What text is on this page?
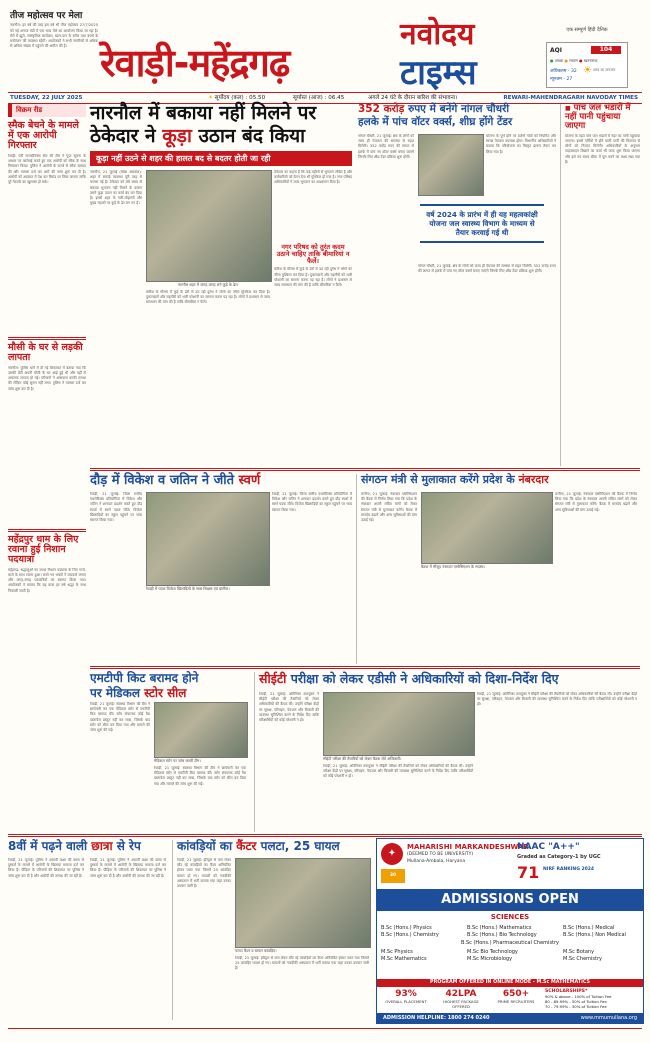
तीज महोत्सव पर मेला
नारनौल: हर वर्ष की तरह इस वर्ष भी तीज महोत्सव 27/7/2025 को नई अनाज मंडी में एक भव्य मेले का आयोजन किया जा रहा है। मेले में झूले, सांस्कृतिक कार्यक्रम, खान-पान के स्टॉल तथा बच्चों के मनोरंजन की व्यवस्था रहेगी। आयोजकों ने सभी नागरिकों से अधिक से अधिक संख्या में पहुंचने की अपील की है। रेवाड़ी-महेंद्रगढ़
नवोदय
टाइम्स
एक सम्पूर्ण हिंदी दैनिक
AQI	104
● अच्छा ● मध्यम ● खतरनाक
अधिकतम - 32
न्यूनतम - 27
आज का तापमान
☀
TUESDAY, 22 JULY 2025	☀ सूर्योदय (कल) : 05.50	सूर्यास्त (आज) : 06.45	अगले 24 घंटे के दौरान बारिश की संभावना।	REWARI-MAHENDRAGARH NAVODAY TIMES
विक्रम रीड
स्मैक बेचने के मामले में एक आरोपी गिरफ्तार
रेवाड़ी: एंटी नारकोटिक्स सेल की टीम ने गुप्त सूचना के आधार पर कार्रवाई करते हुए एक आरोपी को स्मैक के साथ गिरफ्तार किया। पुलिस ने आरोपी के कब्जे से स्मैक बरामद की और मामला दर्ज कर आगे की जांच शुरू कर दी है। आरोपी को अदालत में पेश कर रिमांड पर लिया जाएगा ताकि पूरे नेटवर्क का खुलासा हो सके।
मौसी के घर से लड़की लापता
नारनौल: पुलिस थाने में दी गई शिकायत में बताया गया कि उसकी बेटी अपनी मौसी के घर आई हुई थी और वहीं से अचानक लापता हो गई। परिजनों ने आसपास काफी तलाश की लेकिन कोई सुराग नहीं लगा। पुलिस ने मामला दर्ज कर जांच शुरू कर दी है।
महेंद्रपुर धाम के लिए रवाना हुई निशान पदयात्रा
महेंद्रगढ़: श्रद्धालुओं का जत्था निशान पदयात्रा के लिए गाजे-बाजे के साथ रवाना हुआ। रास्ते भर भक्तों ने जयकारे लगाए और जगह-जगह पदयात्रियों का स्वागत किया गया। आयोजकों ने बताया कि यह यात्रा हर वर्ष श्रद्धा के साथ निकाली जाती है।
नारनौल में बकाया नहीं मिलने पर
ठेकेदार ने कूड़ा उठान बंद किया
कूड़ा नहीं उठने से शहर की हालत बद से बदतर होती जा रही
नारनौल, 21 जुलाई (वेबेश अग्रवाल): शहर में सफाई व्यवस्था पूरी तरह से चरमरा गई है। ठेकेदार को लंबे समय से बकाया भुगतान नहीं मिलने के कारण उसने कूड़ा उठान का कार्य बंद कर दिया है। इससे शहर के गली-मोहल्लों और मुख्य सड़कों पर कूड़े के ढेर लग गए हैं।
नारनौल शहर में जगह-जगह लगे कूड़े के ढेर।
ठेकेदार का कहना है कि कई महीनों से भुगतान लंबित है और कर्मचारियों को वेतन देना भी मुश्किल हो गया है। नगर परिषद अधिकारियों ने जल्द भुगतान का आश्वासन दिया है।
बारिश के मौसम में कूड़े के ढेरों से उठ रही दुर्गंध ने लोगों का जीना मुश्किल कर दिया है। दुकानदारों और राहगीरों को भारी परेशानी का सामना करना पड़ रहा है। लोगों ने प्रशासन से जल्द समाधान की मांग की है ताकि बीमारियां न फैलें।
नगर परिषद को तुरंत कदम उठाने चाहिए ताकि बीमारियां न फैलें।
बारिश के मौसम में कूड़े के ढेरों से उठ रही दुर्गंध ने लोगों का जीना मुश्किल कर दिया है। दुकानदारों और राहगीरों को भारी परेशानी का सामना करना पड़ रहा है। लोगों ने प्रशासन से जल्द समाधान की मांग की है ताकि बीमारियां न फैलें।
352 करोड़ रुपए में बनेंगे नांगल चौधरी
हलके में पांच वॉटर वर्क्स, शीघ्र होंगे टेंडर
नांगल चौधरी, 21 जुलाई: क्षेत्र के लोगों को जल्द ही पेयजल की समस्या से राहत मिलेगी। 352 करोड़ रुपए की लागत से हलके में पांच नए वॉटर वर्क्स बनाए जाएंगे जिनके लिए शीघ्र टेंडर प्रक्रिया शुरू होगी।
योजना के पूर्ण होने पर दर्जनों गांवों को नियमित और स्वच्छ पेयजल उपलब्ध होगा। विभागीय अधिकारियों ने बताया कि परियोजना का विस्तृत प्रारूप तैयार कर लिया गया है।
वर्ष 2024 के प्रारंभ में ही यह महत्वकांक्षी योजना जल स्वास्थ्य विभाग के माध्यम से तैयार करवाई गई थी
नांगल चौधरी, 21 जुलाई: क्षेत्र के लोगों को जल्द ही पेयजल की समस्या से राहत मिलेगी। 352 करोड़ रुपए की लागत से हलके में पांच नए वॉटर वर्क्स बनाए जाएंगे जिनके लिए शीघ्र टेंडर प्रक्रिया शुरू होगी।
■ पांच जल भंडारों में नहीं पानी पहुंचाया जाएगा
योजना के तहत पांच जल भंडारों में नहर का पानी पहुंचाया जाएगा। इससे गर्मियों में होने वाली पानी की किल्लत से लोगों को निजात मिलेगी। अधिकारियों के अनुसार पाइपलाइन बिछाने का कार्य भी जल्द शुरू किया जाएगा और इसे तय समय सीमा में पूरा करने का लक्ष्य रखा गया है।
दौड़ में विकेश व जतिन ने जीते स्वर्ण
रेवाड़ी, 21 जुलाई: जिला स्तरीय एथलेटिक्स प्रतियोगिता में विकेश और जतिन ने शानदार प्रदर्शन करते हुए दौड़ स्पर्धा में स्वर्ण पदक जीते। विजेता खिलाड़ियों का स्कूल पहुंचने पर भव्य स्वागत किया गया।
रेवाड़ी में पदक विजेता खिलाड़ियों के साथ शिक्षक एवं ग्रामीण।
रेवाड़ी, 21 जुलाई: जिला स्तरीय एथलेटिक्स प्रतियोगिता में विकेश और जतिन ने शानदार प्रदर्शन करते हुए दौड़ स्पर्धा में स्वर्ण पदक जीते। विजेता खिलाड़ियों का स्कूल पहुंचने पर भव्य स्वागत किया गया।
संगठन मंत्री से मुलाकात करेंगे प्रदेश के नंबरदार
कनीना, 21 जुलाई: नंबरदार एसोसिएशन की बैठक में निर्णय लिया गया कि प्रदेश के नंबरदार अपनी लंबित मांगों को लेकर संगठन मंत्री से मुलाकात करेंगे। बैठक में मानदेय बढ़ाने और अन्य सुविधाओं की मांग उठाई गई।
बैठक में मौजूद नंबरदार एसोसिएशन के सदस्य।
कनीना, 21 जुलाई: नंबरदार एसोसिएशन की बैठक में निर्णय लिया गया कि प्रदेश के नंबरदार अपनी लंबित मांगों को लेकर संगठन मंत्री से मुलाकात करेंगे। बैठक में मानदेय बढ़ाने और अन्य सुविधाओं की मांग उठाई गई।
एमटीपी किट बरामद होने
पर मेडिकल स्टोर सील
रेवाड़ी, 21 जुलाई: स्वास्थ्य विभाग की टीम ने छापेमारी कर एक मेडिकल स्टोर से एमटीपी किट बरामद कीं। स्टोर संचालक कोई वैध दस्तावेज प्रस्तुत नहीं कर सका, जिसके बाद स्टोर को सील कर दिया गया और मामले की जांच शुरू की गई।
मेडिकल स्टोर पर जांच करती टीम।
रेवाड़ी, 21 जुलाई: स्वास्थ्य विभाग की टीम ने छापेमारी कर एक मेडिकल स्टोर से एमटीपी किट बरामद कीं। स्टोर संचालक कोई वैध दस्तावेज प्रस्तुत नहीं कर सका, जिसके बाद स्टोर को सील कर दिया गया और मामले की जांच शुरू की गई।
सीईटी परीक्षा को लेकर एडीसी ने अधिकारियों को दिशा-निर्देश दिए
रेवाड़ी, 21 जुलाई: अतिरिक्त उपायुक्त ने सीईटी परीक्षा की तैयारियों को लेकर अधिकारियों की बैठक ली। उन्होंने परीक्षा केंद्रों पर सुरक्षा, परिवहन, पेयजल और बिजली की व्यवस्था सुनिश्चित करने के निर्देश दिए ताकि परीक्षार्थियों को कोई परेशानी न हो।
सीईटी परीक्षा की तैयारियों को लेकर बैठक लेते अधिकारी।
रेवाड़ी, 21 जुलाई: अतिरिक्त उपायुक्त ने सीईटी परीक्षा की तैयारियों को लेकर अधिकारियों की बैठक ली। उन्होंने परीक्षा केंद्रों पर सुरक्षा, परिवहन, पेयजल और बिजली की व्यवस्था सुनिश्चित करने के निर्देश दिए ताकि परीक्षार्थियों को कोई परेशानी न हो।
रेवाड़ी, 21 जुलाई: अतिरिक्त उपायुक्त ने सीईटी परीक्षा की तैयारियों को लेकर अधिकारियों की बैठक ली। उन्होंने परीक्षा केंद्रों पर सुरक्षा, परिवहन, पेयजल और बिजली की व्यवस्था सुनिश्चित करने के निर्देश दिए ताकि परीक्षार्थियों को कोई परेशानी न हो।
8वीं में पढ़ने वाली छात्रा से रेप
रेवाड़ी, 21 जुलाई: पुलिस ने आठवीं कक्षा की छात्रा से दुष्कर्म के मामले में आरोपी के खिलाफ मामला दर्ज कर लिया है। पीड़िता के परिजनों की शिकायत पर पुलिस ने जांच शुरू कर दी है और आरोपी की तलाश की जा रही है।
रेवाड़ी, 21 जुलाई: पुलिस ने आठवीं कक्षा की छात्रा से दुष्कर्म के मामले में आरोपी के खिलाफ मामला दर्ज कर लिया है। पीड़िता के परिजनों की शिकायत पर पुलिस ने जांच शुरू कर दी है और आरोपी की तलाश की जा रही है।
कांवड़ियों का कैंटर पलटा, 25 घायल
रेवाड़ी, 21 जुलाई: हरिद्वार से जल लेकर लौट रहे कांवड़ियों का कैंटर अनियंत्रित होकर पलट गया जिसमें 25 कांवड़िए घायल हो गए। घायलों को नजदीकी अस्पताल में भर्ती कराया गया जहां उनका उपचार जारी है।
पलटा कैंटर व घायल कांवड़िए।
रेवाड़ी, 21 जुलाई: हरिद्वार से जल लेकर लौट रहे कांवड़ियों का कैंटर अनियंत्रित होकर पलट गया जिसमें 25 कांवड़िए घायल हो गए। घायलों को नजदीकी अस्पताल में भर्ती कराया गया जहां उनका उपचार जारी है।
✦
MAHARISHI MARKANDESHWAR
(DEEMED TO BE UNIVERSITY)
Mullana-Ambala, Haryana
30
NAAC "A++"
Graded as Category-1 by UGC
71 NIRF RANKING 2024
ADMISSIONS OPEN
SCIENCES
B.Sc (Hons.) Physics
B.Sc (Hons.) Chemistry
B.Sc (Hons.) Mathematics
B.Sc (Hons.) Bio Technology
B.Sc (Hons.) Medical
B.Sc (Hons.) Non Medical
B.Sc (Hons.) Pharmaceutical Chemistry
M.Sc Physics
M.Sc Mathematics
M.Sc Bio Technology
M.Sc Microbiology
M.Sc Botany
M.Sc Chemistry
PROGRAM OFFERED IN ONLINE MODE - M.Sc MATHEMATICS
93%
OVERALL PLACEMENT
42LPA
HIGHEST PACKAGE OFFERED
650+
PRIME RECRUITERS
SCHOLARSHIPS*
90% & above - 100% of Tuition Fee
80 - 89.99% - 50% of Tuition Fee
70 - 79.99% - 30% of Tuition Fee
ADMISSION HELPLINE: 1800 274 0240	www.mmumullana.org
